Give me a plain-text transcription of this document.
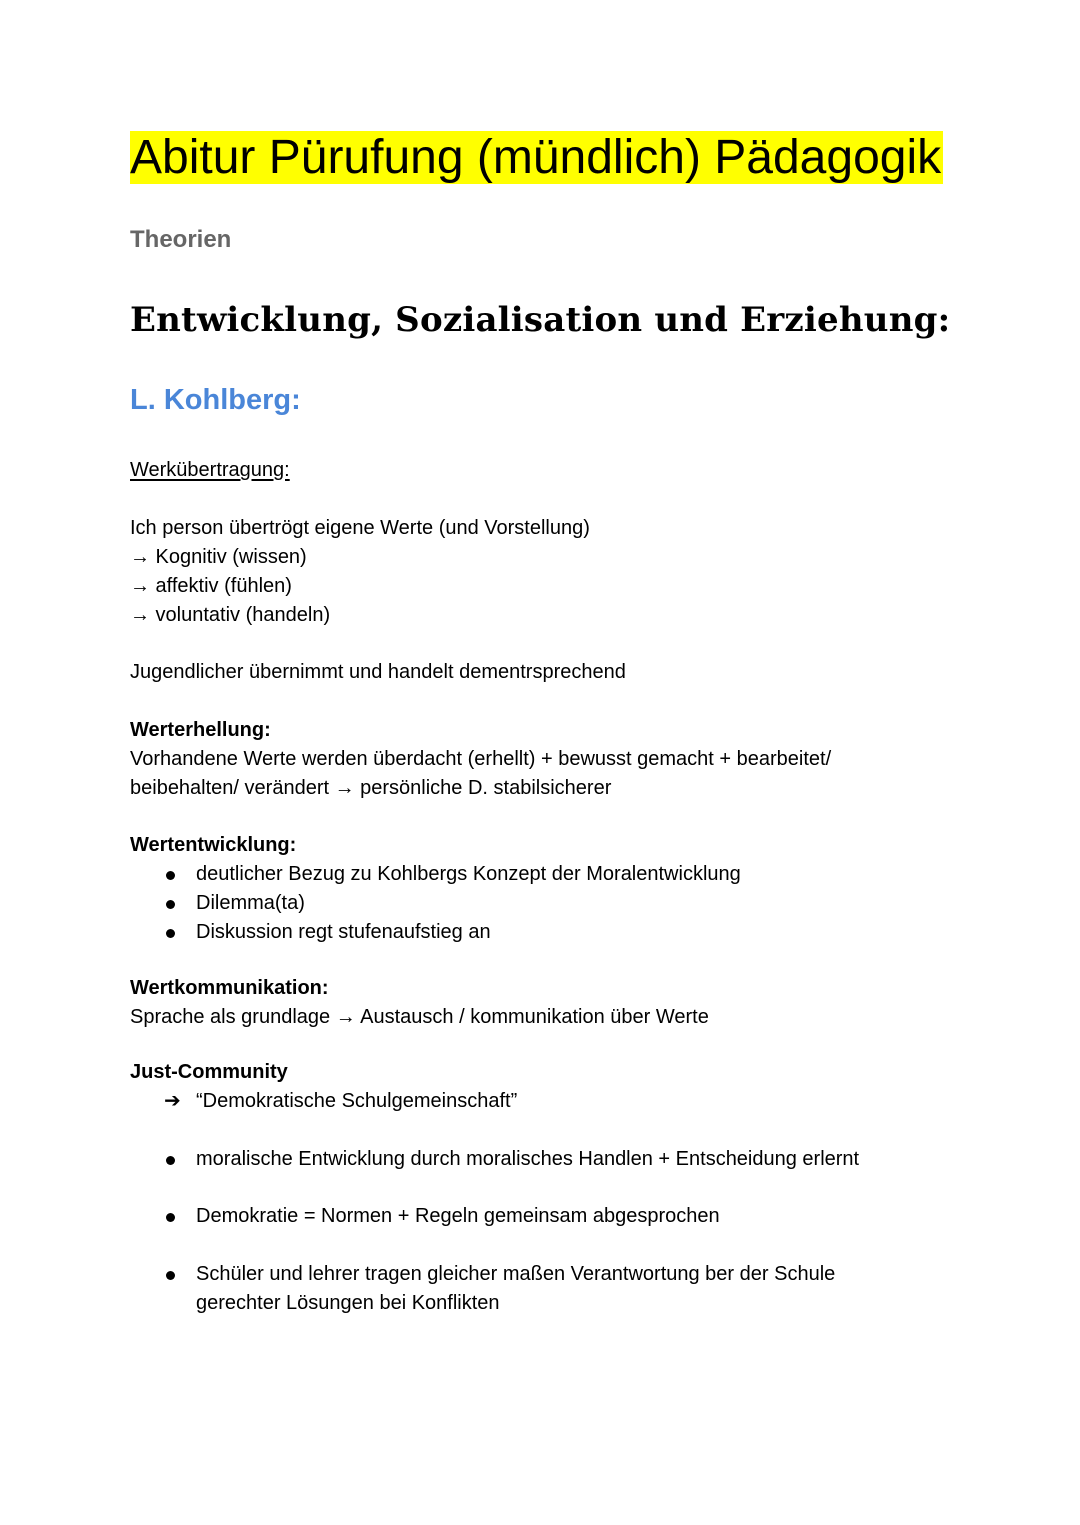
Abitur Pürufung (mündlich) Pädagogik
Theorien
Entwicklung, Sozialisation und Erziehung:
L. Kohlberg:
Werkübertragung:
Ich person übertrögt eigene Werte (und Vorstellung)
→ Kognitiv (wissen)
→ affektiv (fühlen)
→ voluntativ (handeln)
Jugendlicher übernimmt und handelt dementrsprechend
Werterhellung:
Vorhandene Werte werden überdacht (erhellt) + bewusst gemacht + bearbeitet/
beibehalten/ verändert → persönliche D. stabilsicherer
Wertentwicklung:
deutlicher Bezug zu Kohlbergs Konzept der Moralentwicklung
Dilemma(ta)
Diskussion regt stufenaufstieg an
Wertkommunikation:
Sprache als grundlage → Austausch / kommunikation über Werte
Just-Community
➔ “Demokratische Schulgemeinschaft”
moralische Entwicklung durch moralisches Handlen + Entscheidung erlernt
Demokratie = Normen + Regeln gemeinsam abgesprochen
Schüler und lehrer tragen gleicher maßen Verantwortung ber der Schule gerechter Lösungen bei Konflikten
